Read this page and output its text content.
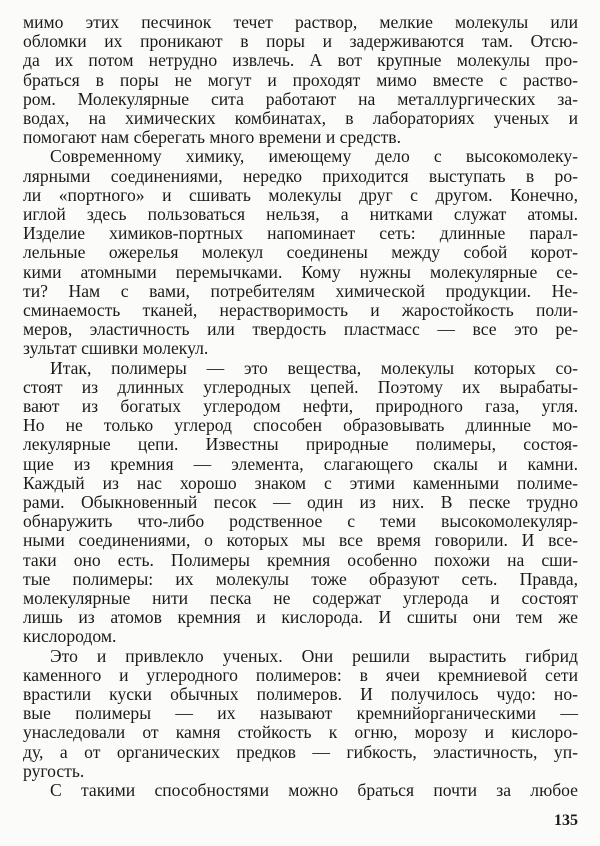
мимо этих песчинок течет раствор, мелкие молекулы или
обломки их проникают в поры и задерживаются там. Отсю-
да их потом нетрудно извлечь. А вот крупные молекулы про-
браться в поры не могут и проходят мимо вместе с раство-
ром. Молекулярные сита работают на металлургических за-
водах, на химических комбинатах, в лабораториях ученых и
помогают нам сберегать много времени и средств.
Современному химику, имеющему дело с высокомолеку-
лярными соединениями, нередко приходится выступать в ро-
ли «портного» и сшивать молекулы друг с другом. Конечно,
иглой здесь пользоваться нельзя, а нитками служат атомы.
Изделие химиков-портных напоминает сеть: длинные парал-
лельные ожерелья молекул соединены между собой корот-
кими атомными перемычками. Кому нужны молекулярные се-
ти? Нам с вами, потребителям химической продукции. Не-
сминаемость тканей, нерастворимость и жаростойкость поли-
меров, эластичность или твердость пластмасс — все это ре-
зультат сшивки молекул.
Итак, полимеры — это вещества, молекулы которых со-
стоят из длинных углеродных цепей. Поэтому их вырабаты-
вают из богатых углеродом нефти, природного газа, угля.
Но не только углерод способен образовывать длинные мо-
лекулярные цепи. Известны природные полимеры, состоя-
щие из кремния — элемента, слагающего скалы и камни.
Каждый из нас хорошо знаком с этими каменными полиме-
рами. Обыкновенный песок — один из них. В песке трудно
обнаружить что-либо родственное с теми высокомолекуляр-
ными соединениями, о которых мы все время говорили. И все-
таки оно есть. Полимеры кремния особенно похожи на сши-
тые полимеры: их молекулы тоже образуют сеть. Правда,
молекулярные нити песка не содержат углерода и состоят
лишь из атомов кремния и кислорода. И сшиты они тем же
кислородом.
Это и привлекло ученых. Они решили вырастить гибрид
каменного и углеродного полимеров: в ячеи кремниевой сети
врастили куски обычных полимеров. И получилось чудо: но-
вые полимеры — их называют кремнийорганическими —
унаследовали от камня стойкость к огню, морозу и кислоро-
ду, а от органических предков — гибкость, эластичность, уп-
ругость.
С такими способностями можно браться почти за любое
135
